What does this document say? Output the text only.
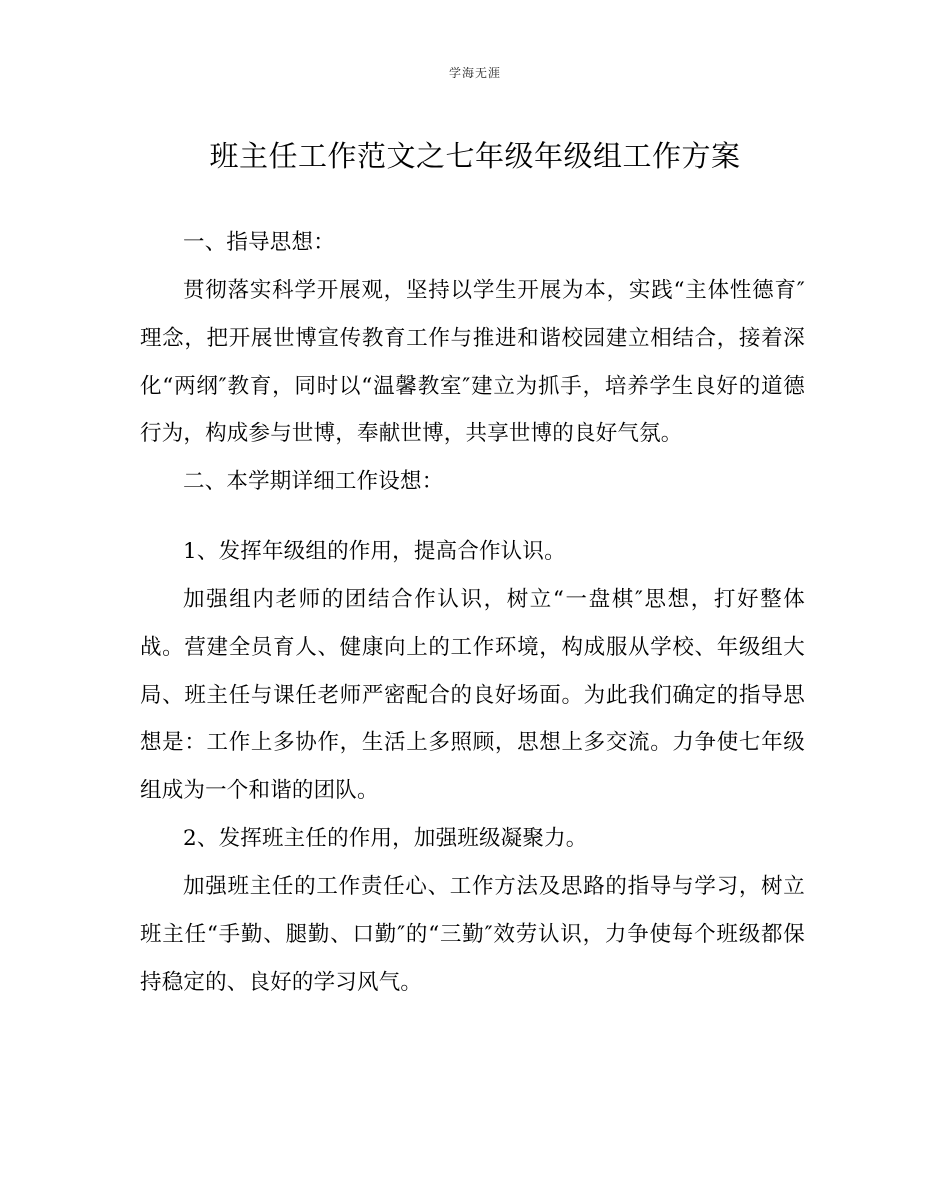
学海无涯
班主任工作范文之七年级年级组工作方案

一、指导思想：

贯彻落实科学开展观，坚持以学生开展为本，实践“主体性德育″理念，把开展世博宣传教育工作与推进和谐校园建立相结合，接着深化“两纲″教育，同时以“温馨教室″建立为抓手，培养学生良好的道德行为，构成参与世博，奉献世博，共享世博的良好气氛。

二、本学期详细工作设想：

1、发挥年级组的作用，提高合作认识。

加强组内老师的团结合作认识，树立“一盘棋″思想，打好整体战。营建全员育人、健康向上的工作环境，构成服从学校、年级组大局、班主任与课任老师严密配合的良好场面。为此我们确定的指导思想是：工作上多协作，生活上多照顾，思想上多交流。力争使七年级组成为一个和谐的团队。

2、发挥班主任的作用，加强班级凝聚力。

加强班主任的工作责任心、工作方法及思路的指导与学习，树立班主任“手勤、腿勤、口勤″的“三勤″效劳认识，力争使每个班级都保持稳定的、良好的学习风气。
